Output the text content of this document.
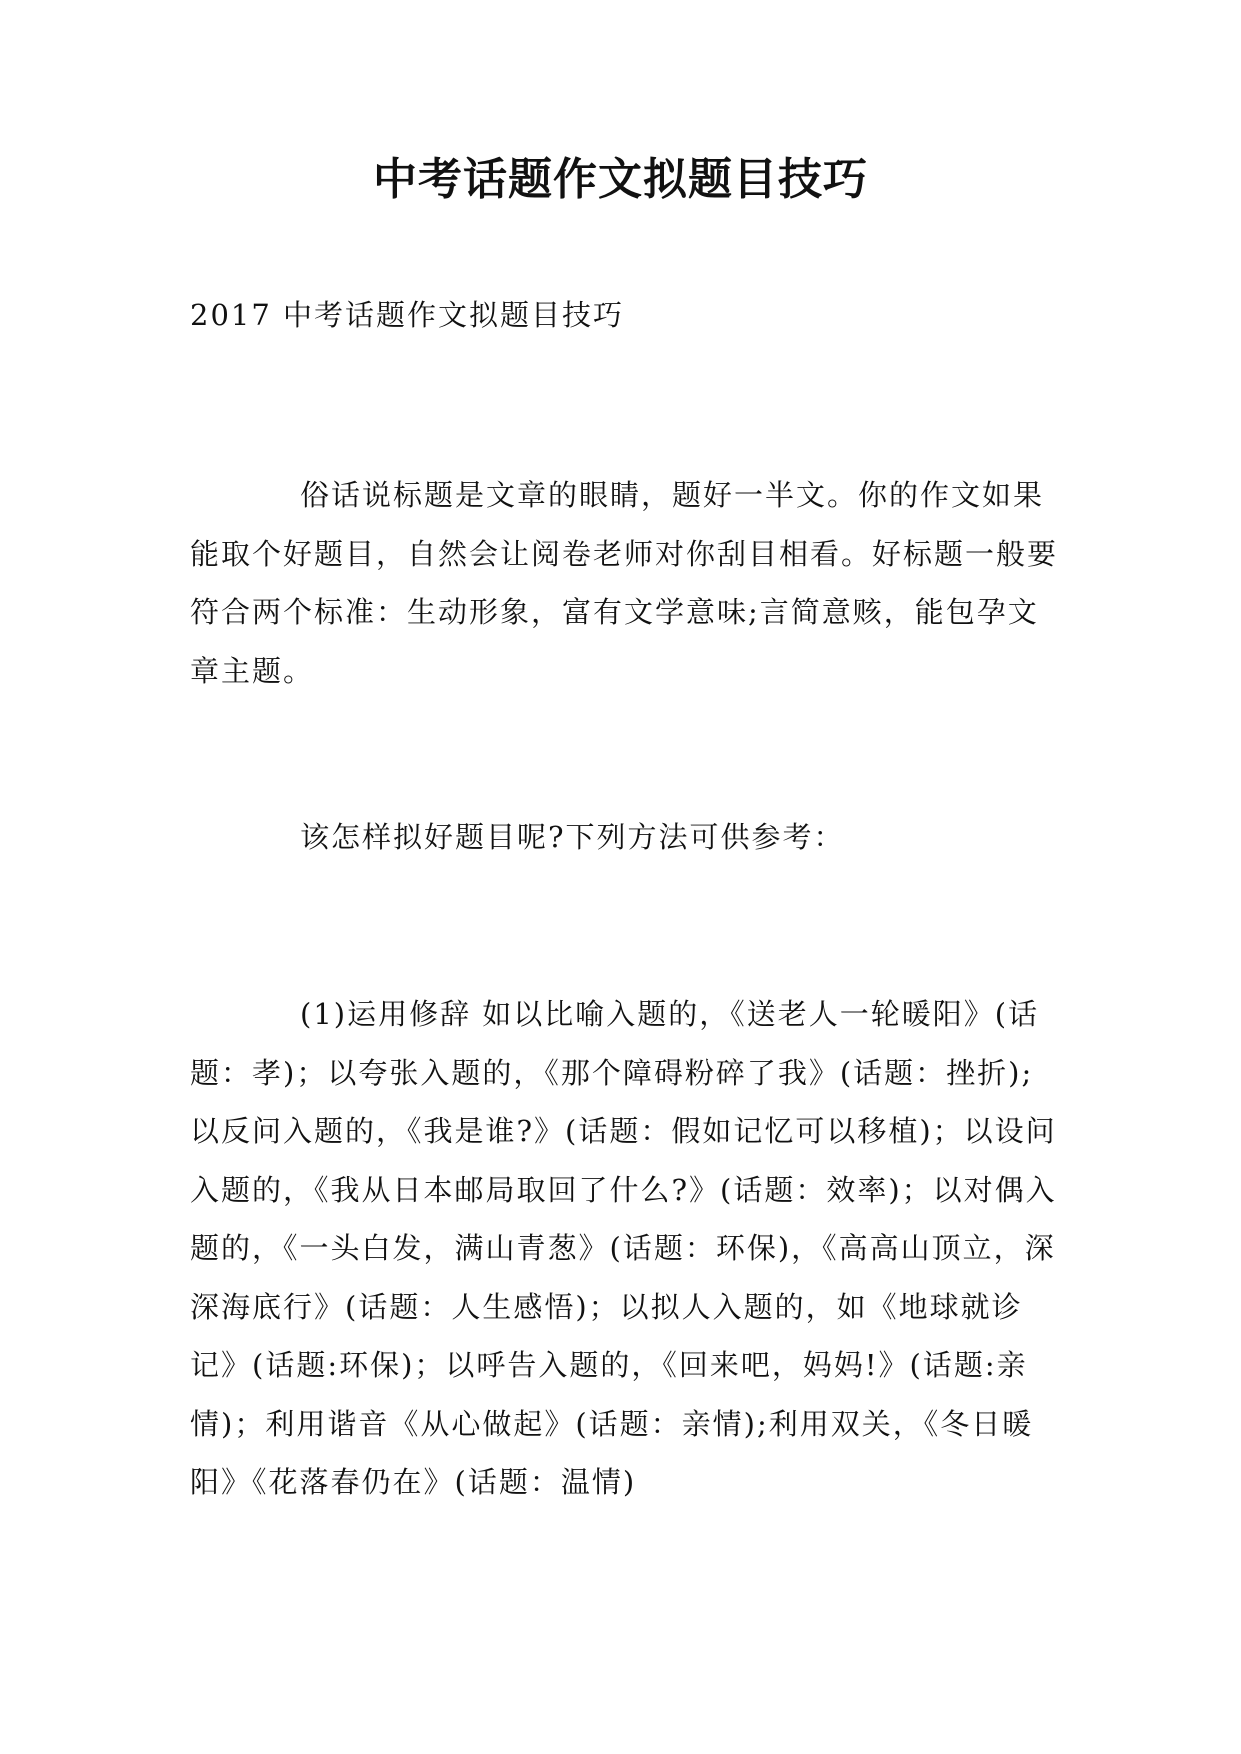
中考话题作文拟题目技巧

2017 中考话题作文拟题目技巧

俗话说标题是文章的眼睛，题好一半文。你的作文如果能取个好题目，自然会让阅卷老师对你刮目相看。好标题一般要符合两个标准：生动形象，富有文学意味;言简意赅，能包孕文章主题。

该怎样拟好题目呢?下列方法可供参考：

(1)运用修辞 如以比喻入题的，《送老人一轮暖阳》(话题：孝)；以夸张入题的，《那个障碍粉碎了我》(话题：挫折);以反问入题的，《我是谁?》(话题：假如记忆可以移植)；以设问入题的，《我从日本邮局取回了什么?》(话题：效率)；以对偶入题的，《一头白发，满山青葱》(话题：环保)，《高高山顶立，深深海底行》(话题：人生感悟)；以拟人入题的，如《地球就诊记》(话题:环保)；以呼告入题的，《回来吧，妈妈!》(话题:亲情)；利用谐音《从心做起》(话题：亲情);利用双关，《冬日暖阳》《花落春仍在》(话题：温情)
